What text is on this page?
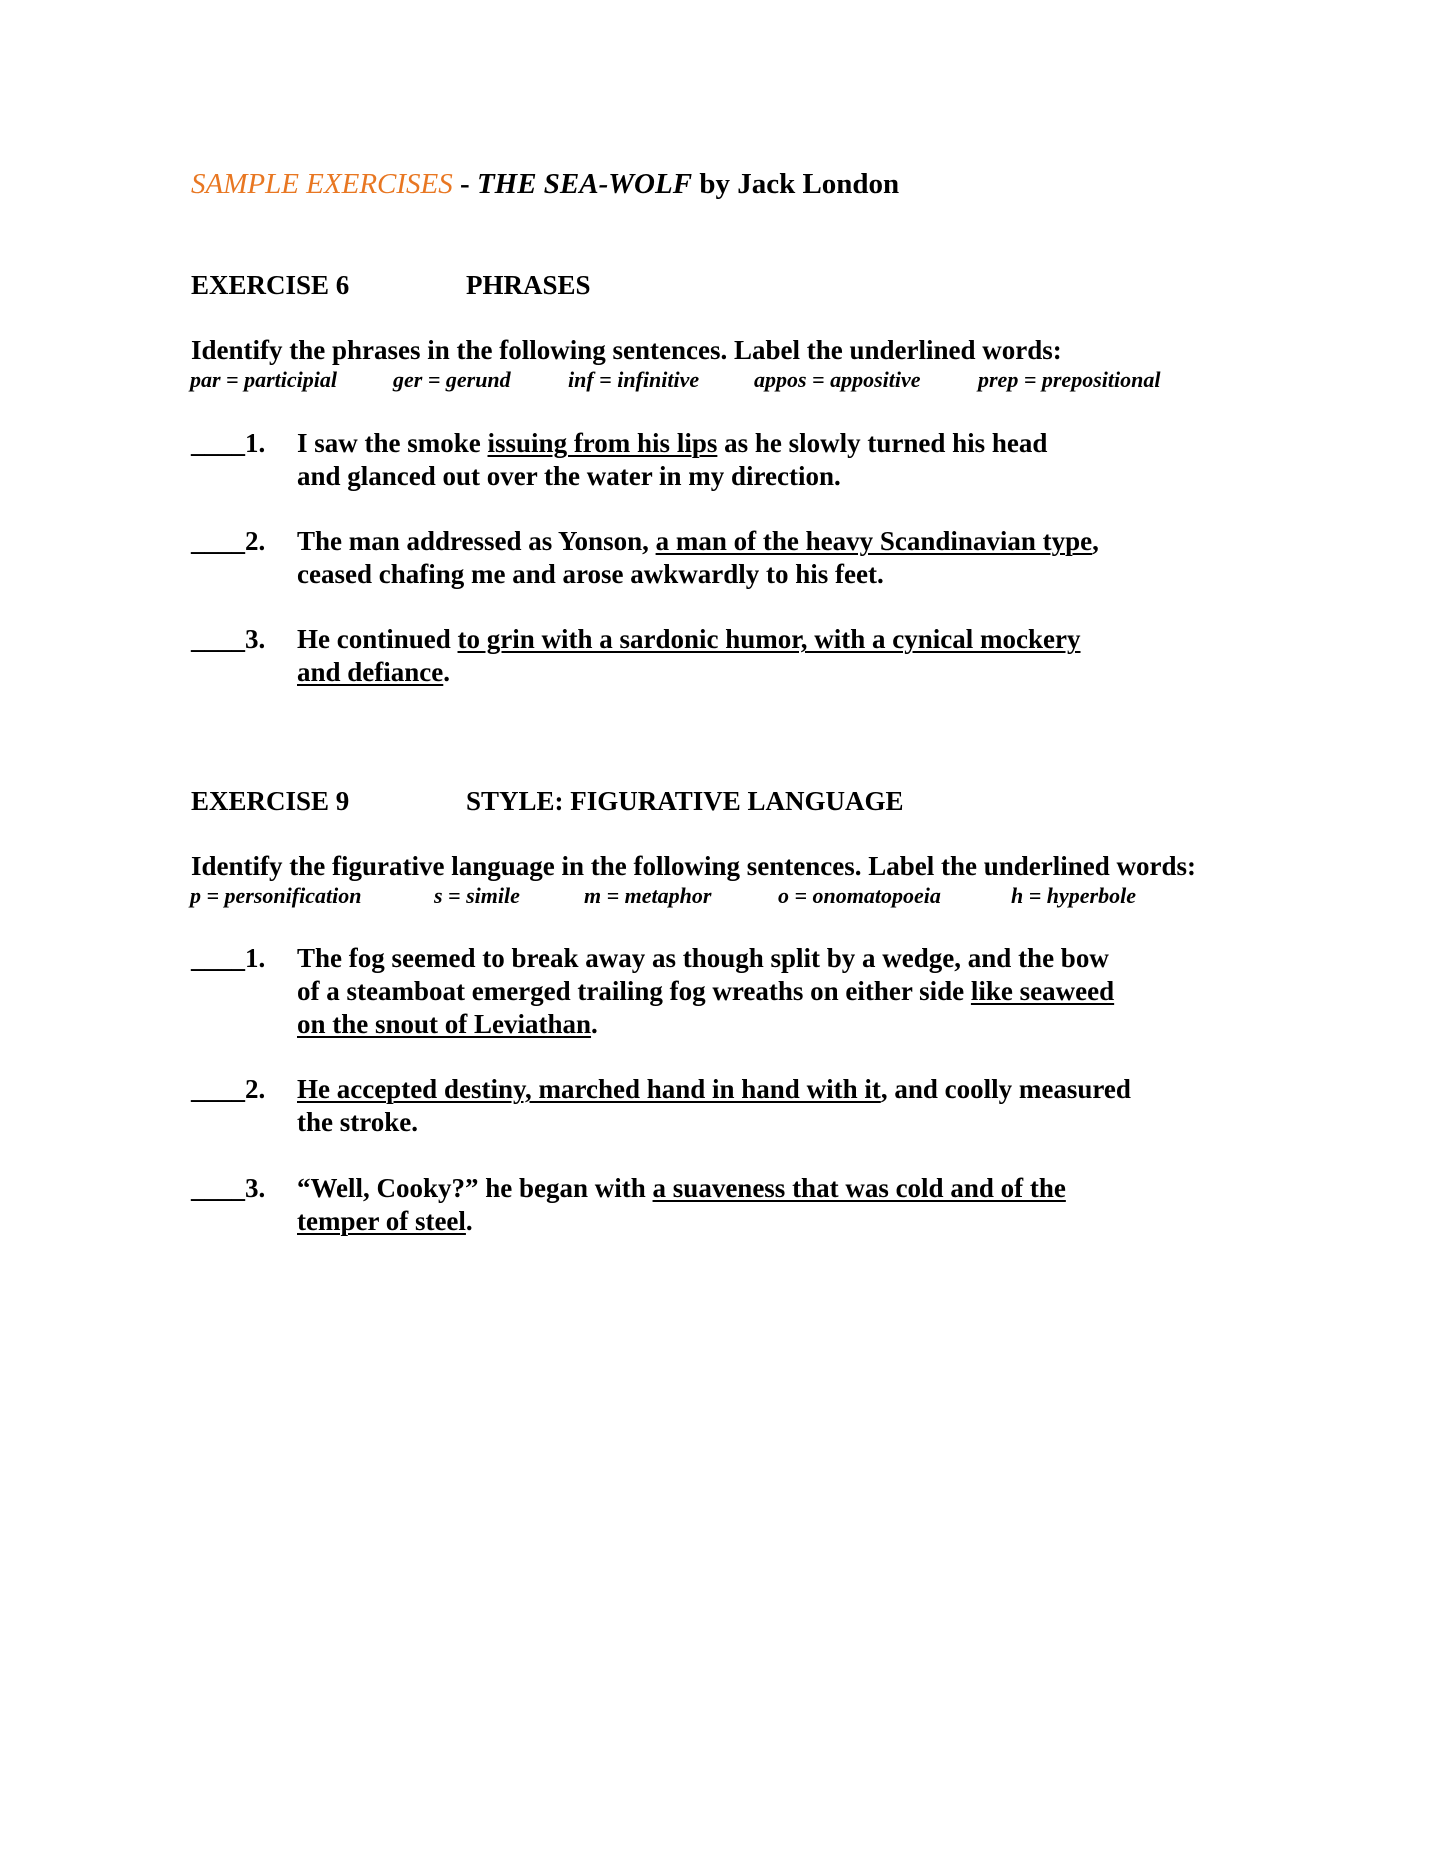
SAMPLE EXERCISES - THE SEA-WOLF by Jack London
EXERCISE 6	PHRASES
Identify the phrases in the following sentences. Label the underlined words:
par = participial	ger = gerund	inf = infinitive appos = appositive	prep = prepositional
____1. I saw the smoke issuing from his lips as he slowly turned his head
and glanced out over the water in my direction.
____2. The man addressed as Yonson, a man of the heavy Scandinavian type,
ceased chafing me and arose awkwardly to his feet.
____3. He continued to grin with a sardonic humor, with a cynical mockery
and defiance.
EXERCISE 9	STYLE: FIGURATIVE LANGUAGE
Identify the figurative language in the following sentences. Label the underlined words:
p = personification	s = simile	m = metaphor	o = onomatopoeia	h = hyperbole
____1. The fog seemed to break away as though split by a wedge, and the bow
of a steamboat emerged trailing fog wreaths on either side like seaweed
on the snout of Leviathan.
____2. He accepted destiny, marched hand in hand with it, and coolly measured
the stroke.
____3. “Well, Cooky?” he began with a suaveness that was cold and of the
temper of steel.
